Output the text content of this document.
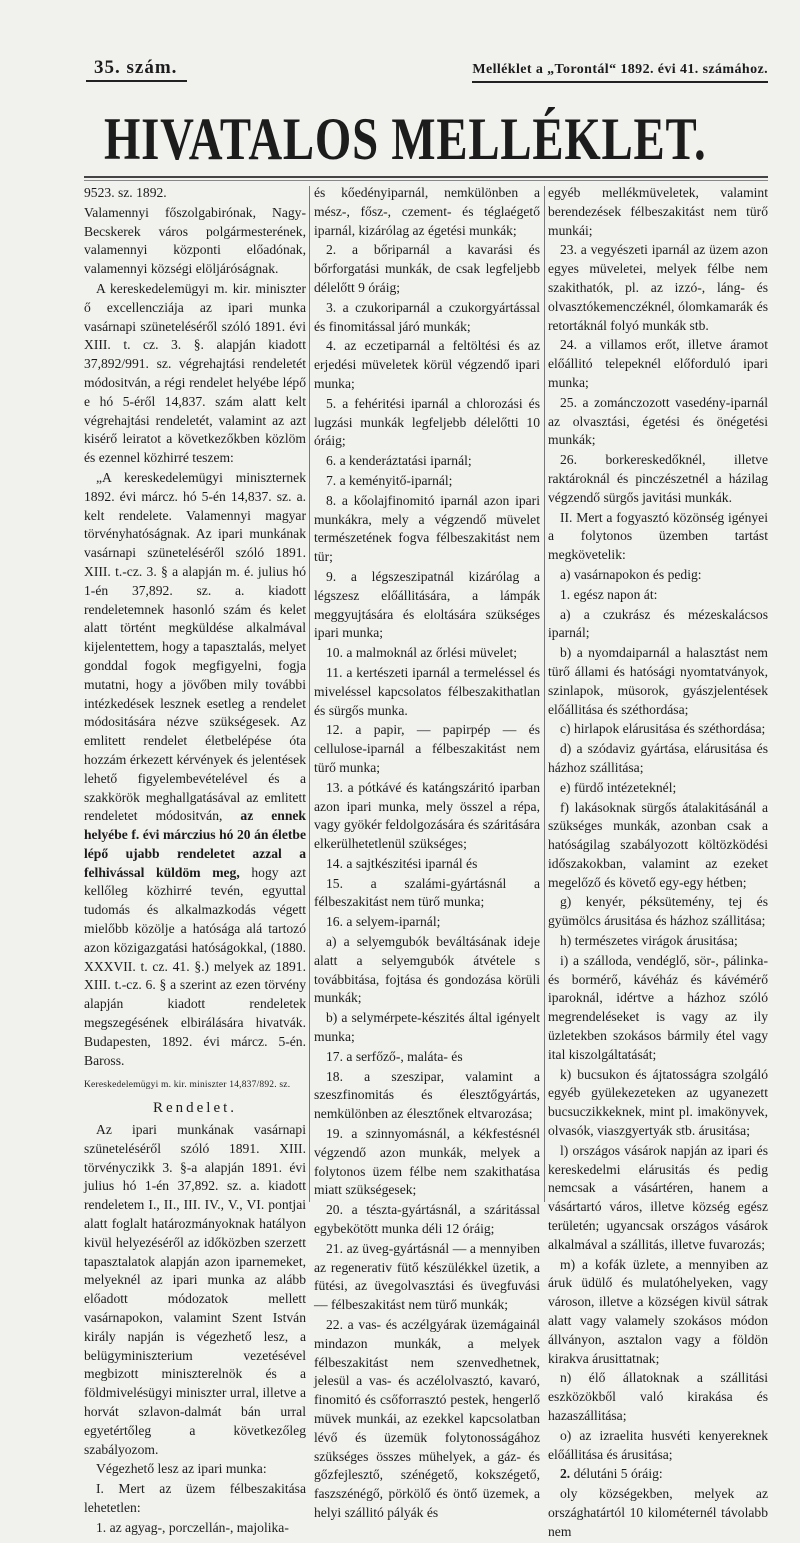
35. szám.	Melléklet a „Torontál“ 1892. évi 41. számához.
HIVATALOS MELLÉKLET.

9523. sz. 1892.

Valamennyi főszolgabirónak, Nagy-Becskerek város polgármesterének, valamennyi központi előadónak, valamennyi községi elöljáróságnak.

A kereskedelemügyi m. kir. miniszter ő excellencziája az ipari munka vasárnapi szüneteléséről szóló 1891. évi XIII. t. cz. 3. §. alapján kiadott 37,892/991. sz. végrehajtási rendeletét módositván, a régi rendelet helyébe lépő e hó 5-éről 14,837. szám alatt kelt végrehajtási rendeletét, valamint az azt kisérő leiratot a következőkben közlöm és ezennel közhirré teszem:

„A kereskedelemügyi miniszternek 1892. évi márcz. hó 5-én 14,837. sz. a. kelt rendelete. Valamennyi magyar törvényhatóságnak. Az ipari munkának vasárnapi szüneteléséről szóló 1891. XIII. t.-cz. 3. § a alapján m. é. julius hó 1-én 37,892. sz. a. kiadott rendeletemnek hasonló szám és kelet alatt történt megküldése alkalmával kijelentettem, hogy a tapasztalás, melyet gonddal fogok megfigyelni, fogja mutatni, hogy a jövőben mily további intézkedések lesznek esetleg a rendelet módositására nézve szükségesek. Az emlitett rendelet életbelépése óta hozzám érkezett kérvények és jelentések lehető figyelembevételével és a szakkörök meghallgatásával az emlitett rendeletet módositván, az ennek helyébe f. évi márczius hó 20 án életbe lépő ujabb rendeletet azzal a felhivással küldöm meg, hogy azt kellőleg közhirré tevén, egyuttal tudomás és alkalmazkodás végett mielőbb közölje a hatósága alá tartozó azon közigazgatási hatóságokkal, (1880. XXXVII. t. cz. 41. §.) melyek az 1891. XIII. t.-cz. 6. § a szerint az ezen törvény alapján kiadott rendeletek megszegésének elbirálására hivatvák. Budapesten, 1892. évi márcz. 5-én. Baross.

Kereskedelemügyi m. kir. miniszter 14,837/892. sz.

Rendelet.

Az ipari munkának vasárnapi szüneteléséről szóló 1891. XIII. törvényczikk 3. §-a alapján 1891. évi julius hó 1-én 37,892. sz. a. kiadott rendeletem I., II., III. IV., V., VI. pontjai alatt foglalt határozmányoknak hatályon kivül helyezéséről az időközben szerzett tapasztalatok alapján azon iparnemeket, melyeknél az ipari munka az alább előadott módozatok mellett vasárnapokon, valamint Szent István király napján is végezhető lesz, a belügyminiszterium vezetésével megbizott miniszterelnök és a földmivelésügyi miniszter urral, illetve a horvát szlavon-dalmát bán urral egyetértőleg a következőleg szabályozom.

Végezhető lesz az ipari munka:

I. Mert az üzem félbeszakitása lehetetlen:

1. az agyag-, porczellán-, majolika-

és kőedényiparnál, nemkülönben a mész-, fősz-, czement- és téglaégető iparnál, kizárólag az égetési munkák;

2. a bőriparnál a kavarási és bőrforgatási munkák, de csak legfeljebb délelőtt 9 óráig;

3. a czukoriparnál a czukorgyártással és finomitással járó munkák;

4. az eczetiparnál a feltöltési és az erjedési müveletek körül végzendő ipari munka;

5. a fehéritési iparnál a chlorozási és lugzási munkák legfeljebb délelőtti 10 óráig;

6. a kenderáztatási iparnál;

7. a keményitő-iparnál;

8. a kőolajfinomitó iparnál azon ipari munkákra, mely a végzendő müvelet természetének fogva félbeszakitást nem tür;

9. a légszeszipatnál kizárólag a légszesz előállitására, a lámpák meggyujtására és eloltására szükséges ipari munka;

10. a malmoknál az őrlési müvelet;

11. a kertészeti iparnál a termeléssel és miveléssel kapcsolatos félbeszakithatlan és sürgős munka.

12. a papir, — papirpép — és cellulose-iparnál a félbeszakitást nem türő munka;

13. a pótkávé és katángszáritó iparban azon ipari munka, mely összel a répa, vagy gyökér feldolgozására és száritására elkerülhetetlenül szükséges;

14. a sajtkészitési iparnál és

15. a szalámi-gyártásnál a félbeszakitást nem türő munka;

16. a selyem-iparnál;

a) a selyemgubók beváltásának ideje alatt a selyemgubók átvétele s továbbitása, fojtása és gondozása körüli munkák;

b) a selymérpete-készités által igényelt munka;

17. a serfőző-, maláta- és

18. a szeszipar, valamint a szeszfinomitás és élesztőgyártás, nemkülönben az élesztőnek eltvarozása;

19. a szinnyomásnál, a kékfestésnél végzendő azon munkák, melyek a folytonos üzem félbe nem szakithatása miatt szükségesek;

20. a tészta-gyártásnál, a száritással egybekötött munka déli 12 óráig;

21. az üveg-gyártásnál — a mennyiben az regenerativ fütő készülékkel üzetik, a fütési, az üvegolvasztási és üvegfuvási — félbeszakitást nem türő munkák;

22. a vas- és aczélgyárak üzemágainál mindazon munkák, a melyek félbeszakitást nem szenvedhetnek, jelesül a vas- és aczélolvasztó, kavaró, finomitó és csőforrasztó pestek, hengerlő müvek munkái, az ezekkel kapcsolatban lévő és üzemük folytonosságához szükséges összes mühelyek, a gáz- és gőzfejlesztő, szénégető, kokszégető, faszszénégő, pörkölő és öntő üzemek, a helyi szállitó pályák és

egyéb mellékmüveletek, valamint berendezések félbeszakitást nem türő munkái;

23. a vegyészeti iparnál az üzem azon egyes müveletei, melyek félbe nem szakithatók, pl. az izzó-, láng- és olvasztókemenczéknél, ólomkamarák és retortáknál folyó munkák stb.

24. a villamos erőt, illetve áramot előállitó telepeknél előforduló ipari munka;

25. a zománczozott vasedény-iparnál az olvasztási, égetési és önégetési munkák;

26. borkereskedőknél, illetve raktároknál és pinczészetnél a házilag végzendő sürgős javitási munkák.

II. Mert a fogyasztó közönség igényei a folytonos üzemben tartást megkövetelik:

a) vasárnapokon és pedig:

1. egész napon át:

a) a czukrász és mézeskalácsos iparnál;

b) a nyomdaiparnál a halasztást nem türő állami és hatósági nyomtatványok, szinlapok, müsorok, gyászjelentések előállitása és széthordása;

c) hirlapok elárusitása és széthordása;

d) a szódaviz gyártása, elárusitása és házhoz szállitása;

e) fürdő intézeteknél;

f) lakásoknak sürgős átalakitásánál a szükséges munkák, azonban csak a hatóságilag szabályozott költözködési időszakokban, valamint az ezeket megelőző és követő egy-egy hétben;

g) kenyér, péksütemény, tej és gyümölcs árusitása és házhoz szállitása;

h) természetes virágok árusitása;

i) a szálloda, vendéglő, sör-, pálinka- és bormérő, kávéház és kávémérő iparoknál, idértve a házhoz szóló megrendeléseket is vagy az ily üzletekben szokásos bármily étel vagy ital kiszolgáltatását;

k) bucsukon és ájtatosságra szolgáló egyéb gyülekezeteken az ugyanezett bucsuczikkeknek, mint pl. imakönyvek, olvasók, viaszgyertyák stb. árusitása;

l) országos vásárok napján az ipari és kereskedelmi elárusitás és pedig nemcsak a vásártéren, hanem a vásártartó város, illetve község egész területén; ugyancsak országos vásárok alkalmával a szállitás, illetve fuvarozás;

m) a kofák üzlete, a mennyiben az áruk üdülő és mulatóhelyeken, vagy városon, illetve a községen kivül sátrak alatt vagy valamely szokásos módon állványon, asztalon vagy a földön kirakva árusittatnak;

n) élő állatoknak a szállitási eszközökből való kirakása és hazaszállitása;

o) az izraelita husvéti kenyereknek előállitása és árusitása;

2. délutáni 5 óráig:

oly községekben, melyek az országhatártól 10 kilométernél távolabb nem
